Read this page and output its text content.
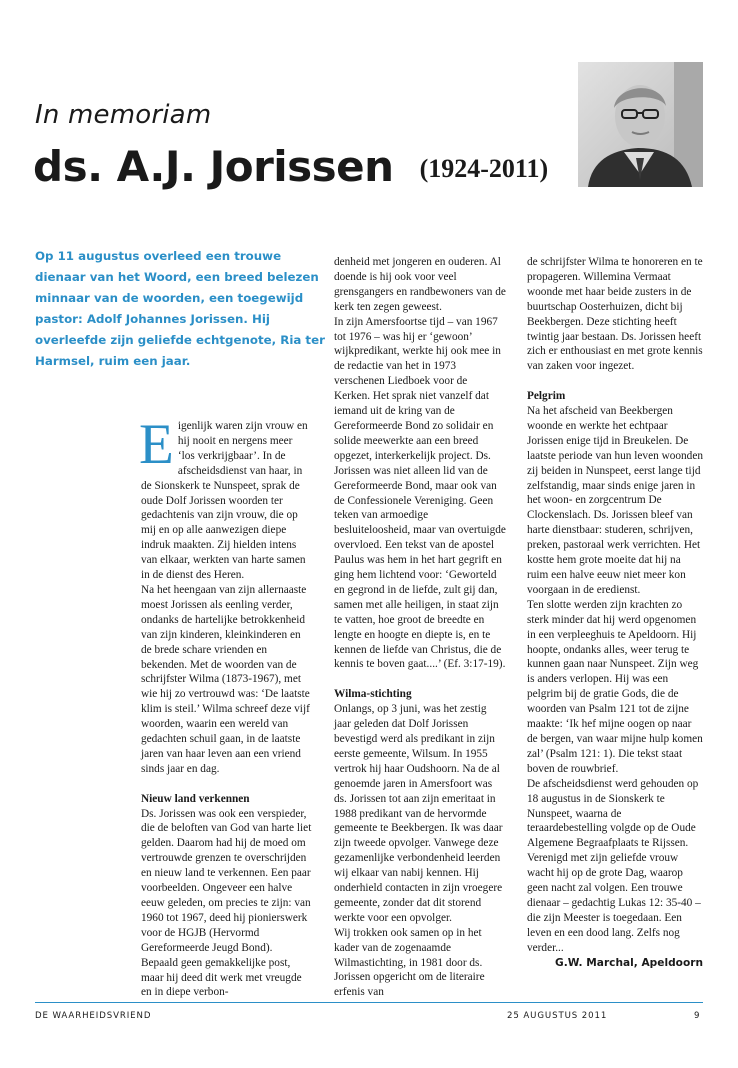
In memoriam
ds. A.J. Jorissen (1924-2011)

Op 11 augustus overleed een trouwe dienaar van het Woord, een breed belezen minnaar van de woorden, een toegewijd pastor: Adolf Johannes Jorissen. Hij overleefde zijn geliefde echtgenote, Ria ter Harmsel, ruim een jaar.

Eigenlijk waren zijn vrouw en hij nooit en nergens meer ‘los verkrijgbaar’. In de afscheidsdienst van haar, in de Sionskerk te Nunspeet, sprak de oude Dolf Jorissen woorden ter gedachtenis van zijn vrouw, die op mij en op alle aanwezigen diepe indruk maakten. Zij hielden intens van elkaar, werkten van harte samen in de dienst des Heren.

Na het heengaan van zijn allernaaste moest Jorissen als eenling verder, ondanks de hartelijke betrokkenheid van zijn kinderen, kleinkinderen en de brede schare vrienden en bekenden. Met de woorden van de schrijfster Wilma (1873-1967), met wie hij zo vertrouwd was: ‘De laatste klim is steil.’ Wilma schreef deze vijf woorden, waarin een wereld van gedachten schuil gaan, in de laatste jaren van haar leven aan een vriend sinds jaar en dag.

Nieuw land verkennen

Ds. Jorissen was ook een verspieder, die de beloften van God van harte liet gelden. Daarom had hij de moed om vertrouwde grenzen te overschrijden en nieuw land te verkennen. Een paar voorbeelden. Ongeveer een halve eeuw geleden, om precies te zijn: van 1960 tot 1967, deed hij pionierswerk voor de HGJB (Hervormd Gereformeerde Jeugd Bond). Bepaald geen gemakkelijke post, maar hij deed dit werk met vreugde en in diepe verbon-

denheid met jongeren en ouderen. Al doende is hij ook voor veel grensgangers en randbewoners van de kerk ten zegen geweest.

In zijn Amersfoortse tijd – van 1967 tot 1976 – was hij er ‘gewoon’ wijkpredikant, werkte hij ook mee in de redactie van het in 1973 verschenen Liedboek voor de Kerken. Het sprak niet vanzelf dat iemand uit de kring van de Gereformeerde Bond zo solidair en solide meewerkte aan een breed opgezet, interkerkelijk project. Ds. Jorissen was niet alleen lid van de Gereformeerde Bond, maar ook van de Confessionele Vereniging. Geen teken van armoedige besluiteloosheid, maar van overtuigde overvloed. Een tekst van de apostel Paulus was hem in het hart gegrift en ging hem lichtend voor: ‘Geworteld en gegrond in de liefde, zult gij dan, samen met alle heiligen, in staat zijn te vatten, hoe groot de breedte en lengte en hoogte en diepte is, en te kennen de liefde van Christus, die de kennis te boven gaat....’ (Ef. 3:17-19).

Wilma-stichting

Onlangs, op 3 juni, was het zestig jaar geleden dat Dolf Jorissen bevestigd werd als predikant in zijn eerste gemeente, Wilsum. In 1955 vertrok hij haar Oudshoorn. Na de al genoemde jaren in Amersfoort was ds. Jorissen tot aan zijn emeritaat in 1988 predikant van de hervormde gemeente te Beekbergen. Ik was daar zijn tweede opvolger. Vanwege deze gezamenlijke verbondenheid leerden wij elkaar van nabij kennen. Hij onderhield contacten in zijn vroegere gemeente, zonder dat dit storend werkte voor een opvolger.

Wij trokken ook samen op in het kader van de zogenaamde Wilmastichting, in 1981 door ds. Jorissen opgericht om de literaire erfenis van

de schrijfster Wilma te honoreren en te propageren. Willemina Vermaat woonde met haar beide zusters in de buurtschap Oosterhuizen, dicht bij Beekbergen. Deze stichting heeft twintig jaar bestaan. Ds. Jorissen heeft zich er enthousiast en met grote kennis van zaken voor ingezet.

Pelgrim

Na het afscheid van Beekbergen woonde en werkte het echtpaar Jorissen enige tijd in Breukelen. De laatste periode van hun leven woonden zij beiden in Nunspeet, eerst lange tijd zelfstandig, maar sinds enige jaren in het woon- en zorgcentrum De Clockenslach. Ds. Jorissen bleef van harte dienstbaar: studeren, schrijven, preken, pastoraal werk verrichten. Het kostte hem grote moeite dat hij na ruim een halve eeuw niet meer kon voorgaan in de eredienst.

Ten slotte werden zijn krachten zo sterk minder dat hij werd opgenomen in een verpleeghuis te Apeldoorn. Hij hoopte, ondanks alles, weer terug te kunnen gaan naar Nunspeet. Zijn weg is anders verlopen. Hij was een pelgrim bij de gratie Gods, die de woorden van Psalm 121 tot de zijne maakte: ‘Ik hef mijne oogen op naar de bergen, van waar mijne hulp komen zal’ (Psalm 121: 1). Die tekst staat boven de rouwbrief.

De afscheidsdienst werd gehouden op 18 augustus in de Sionskerk te Nunspeet, waarna de teraardebestelling volgde op de Oude Algemene Begraafplaats te Rijssen. Verenigd met zijn geliefde vrouw wacht hij op de grote Dag, waarop geen nacht zal volgen. Een trouwe dienaar – gedachtig Lukas 12: 35-40 – die zijn Meester is toegedaan. Een leven en een dood lang. Zelfs nog verder...

G.W. Marchal, Apeldoorn

DE WAARHEIDSVRIEND	25 AUGUSTUS 2011	9
